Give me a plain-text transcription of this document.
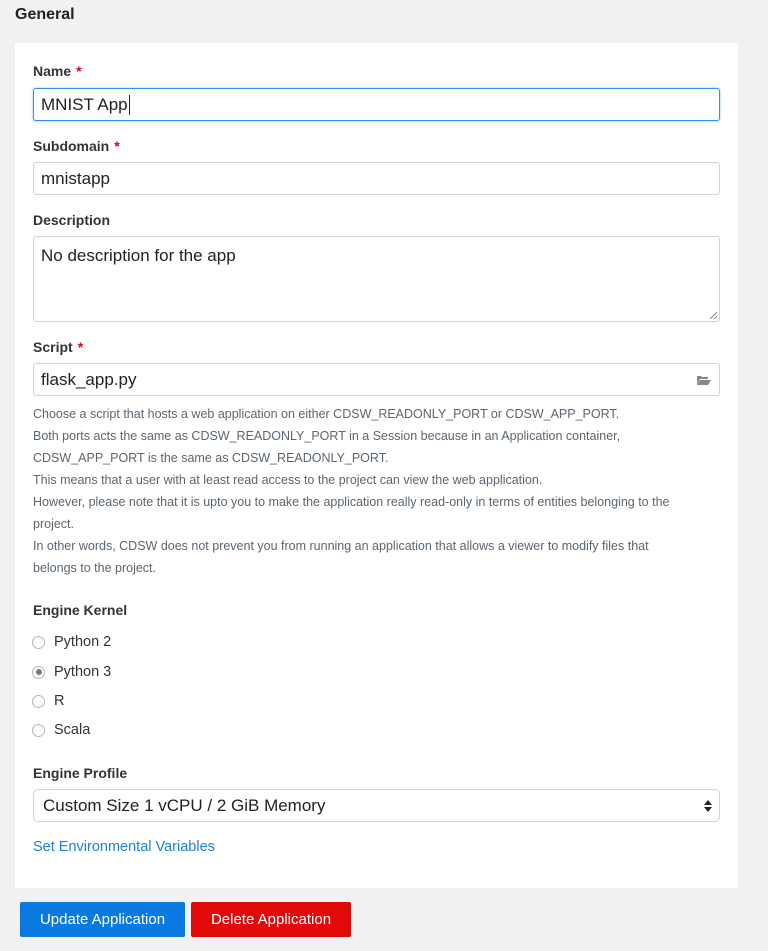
General
Name *
MNIST App
Subdomain *
mnistapp
Description
No description for the app
Script *
flask_app.py
Choose a script that hosts a web application on either CDSW_READONLY_PORT or CDSW_APP_PORT.
Both ports acts the same as CDSW_READONLY_PORT in a Session because in an Application container,
CDSW_APP_PORT is the same as CDSW_READONLY_PORT.
This means that a user with at least read access to the project can view the web application.
However, please note that it is upto you to make the application really read-only in terms of entities belonging to the
project.
In other words, CDSW does not prevent you from running an application that allows a viewer to modify files that
belongs to the project.
Engine Kernel
Python 2
Python 3
R
Scala
Engine Profile
Custom Size 1 vCPU / 2 GiB Memory
Set Environmental Variables
Update Application	Delete Application
